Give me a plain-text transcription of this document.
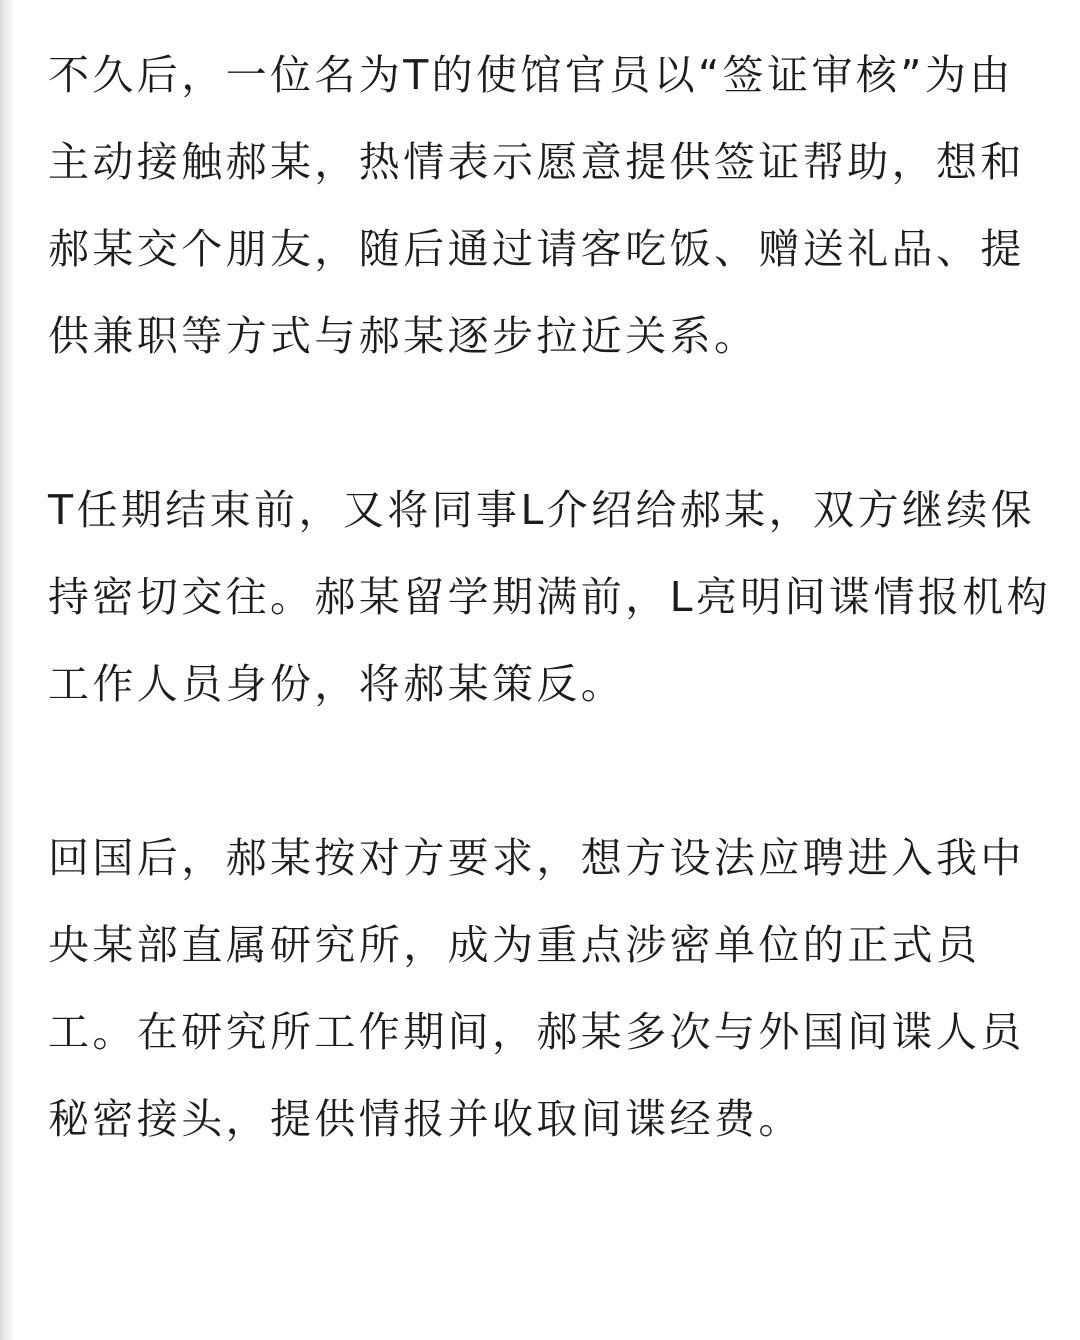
不久后，一位名为T的使馆官员以“签证审核”为由主动接触郝某，热情表示愿意提供签证帮助，想和郝某交个朋友，随后通过请客吃饭、赠送礼品、提供兼职等方式与郝某逐步拉近关系。

T任期结束前，又将同事L介绍给郝某，双方继续保持密切交往。郝某留学期满前，L亮明间谍情报机构工作人员身份，将郝某策反。

回国后，郝某按对方要求，想方设法应聘进入我中央某部直属研究所，成为重点涉密单位的正式员工。在研究所工作期间，郝某多次与外国间谍人员秘密接头，提供情报并收取间谍经费。
